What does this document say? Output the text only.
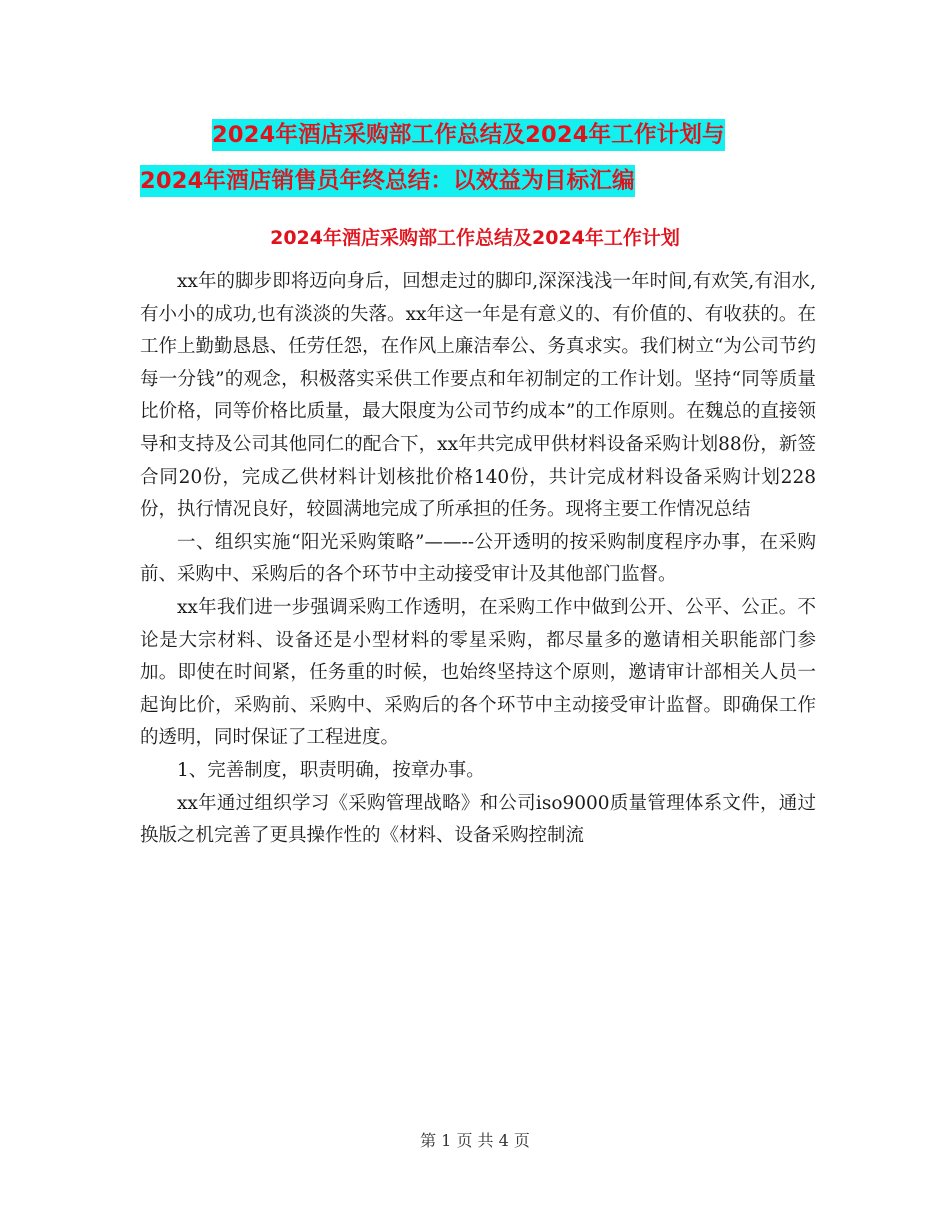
2024年酒店采购部工作总结及2024年工作计划与
2024年酒店销售员年终总结：以效益为目标汇编
2024年酒店采购部工作总结及2024年工作计划

xx年的脚步即将迈向身后，回想走过的脚印,深深浅浅一年时间,有欢笑,有泪水,有小小的成功,也有淡淡的失落。xx年这一年是有意义的、有价值的、有收获的。在工作上勤勤恳恳、任劳任怨，在作风上廉洁奉公、务真求实。我们树立“为公司节约每一分钱”的观念，积极落实采供工作要点和年初制定的工作计划。坚持“同等质量比价格，同等价格比质量，最大限度为公司节约成本”的工作原则。在魏总的直接领导和支持及公司其他同仁的配合下，xx年共完成甲供材料设备采购计划88份，新签合同20份，完成乙供材料计划核批价格140份，共计完成材料设备采购计划228份，执行情况良好，较圆满地完成了所承担的任务。现将主要工作情况总结

一、组织实施“阳光采购策略”——--公开透明的按采购制度程序办事，在采购前、采购中、采购后的各个环节中主动接受审计及其他部门监督。

xx年我们进一步强调采购工作透明，在采购工作中做到公开、公平、公正。不论是大宗材料、设备还是小型材料的零星采购，都尽量多的邀请相关职能部门参加。即使在时间紧，任务重的时候，也始终坚持这个原则，邀请审计部相关人员一起询比价，采购前、采购中、采购后的各个环节中主动接受审计监督。即确保工作的透明，同时保证了工程进度。

1、完善制度，职责明确，按章办事。

xx年通过组织学习《采购管理战略》和公司iso9000质量管理体系文件，通过换版之机完善了更具操作性的《材料、设备采购控制流

第 1 页 共 4 页
